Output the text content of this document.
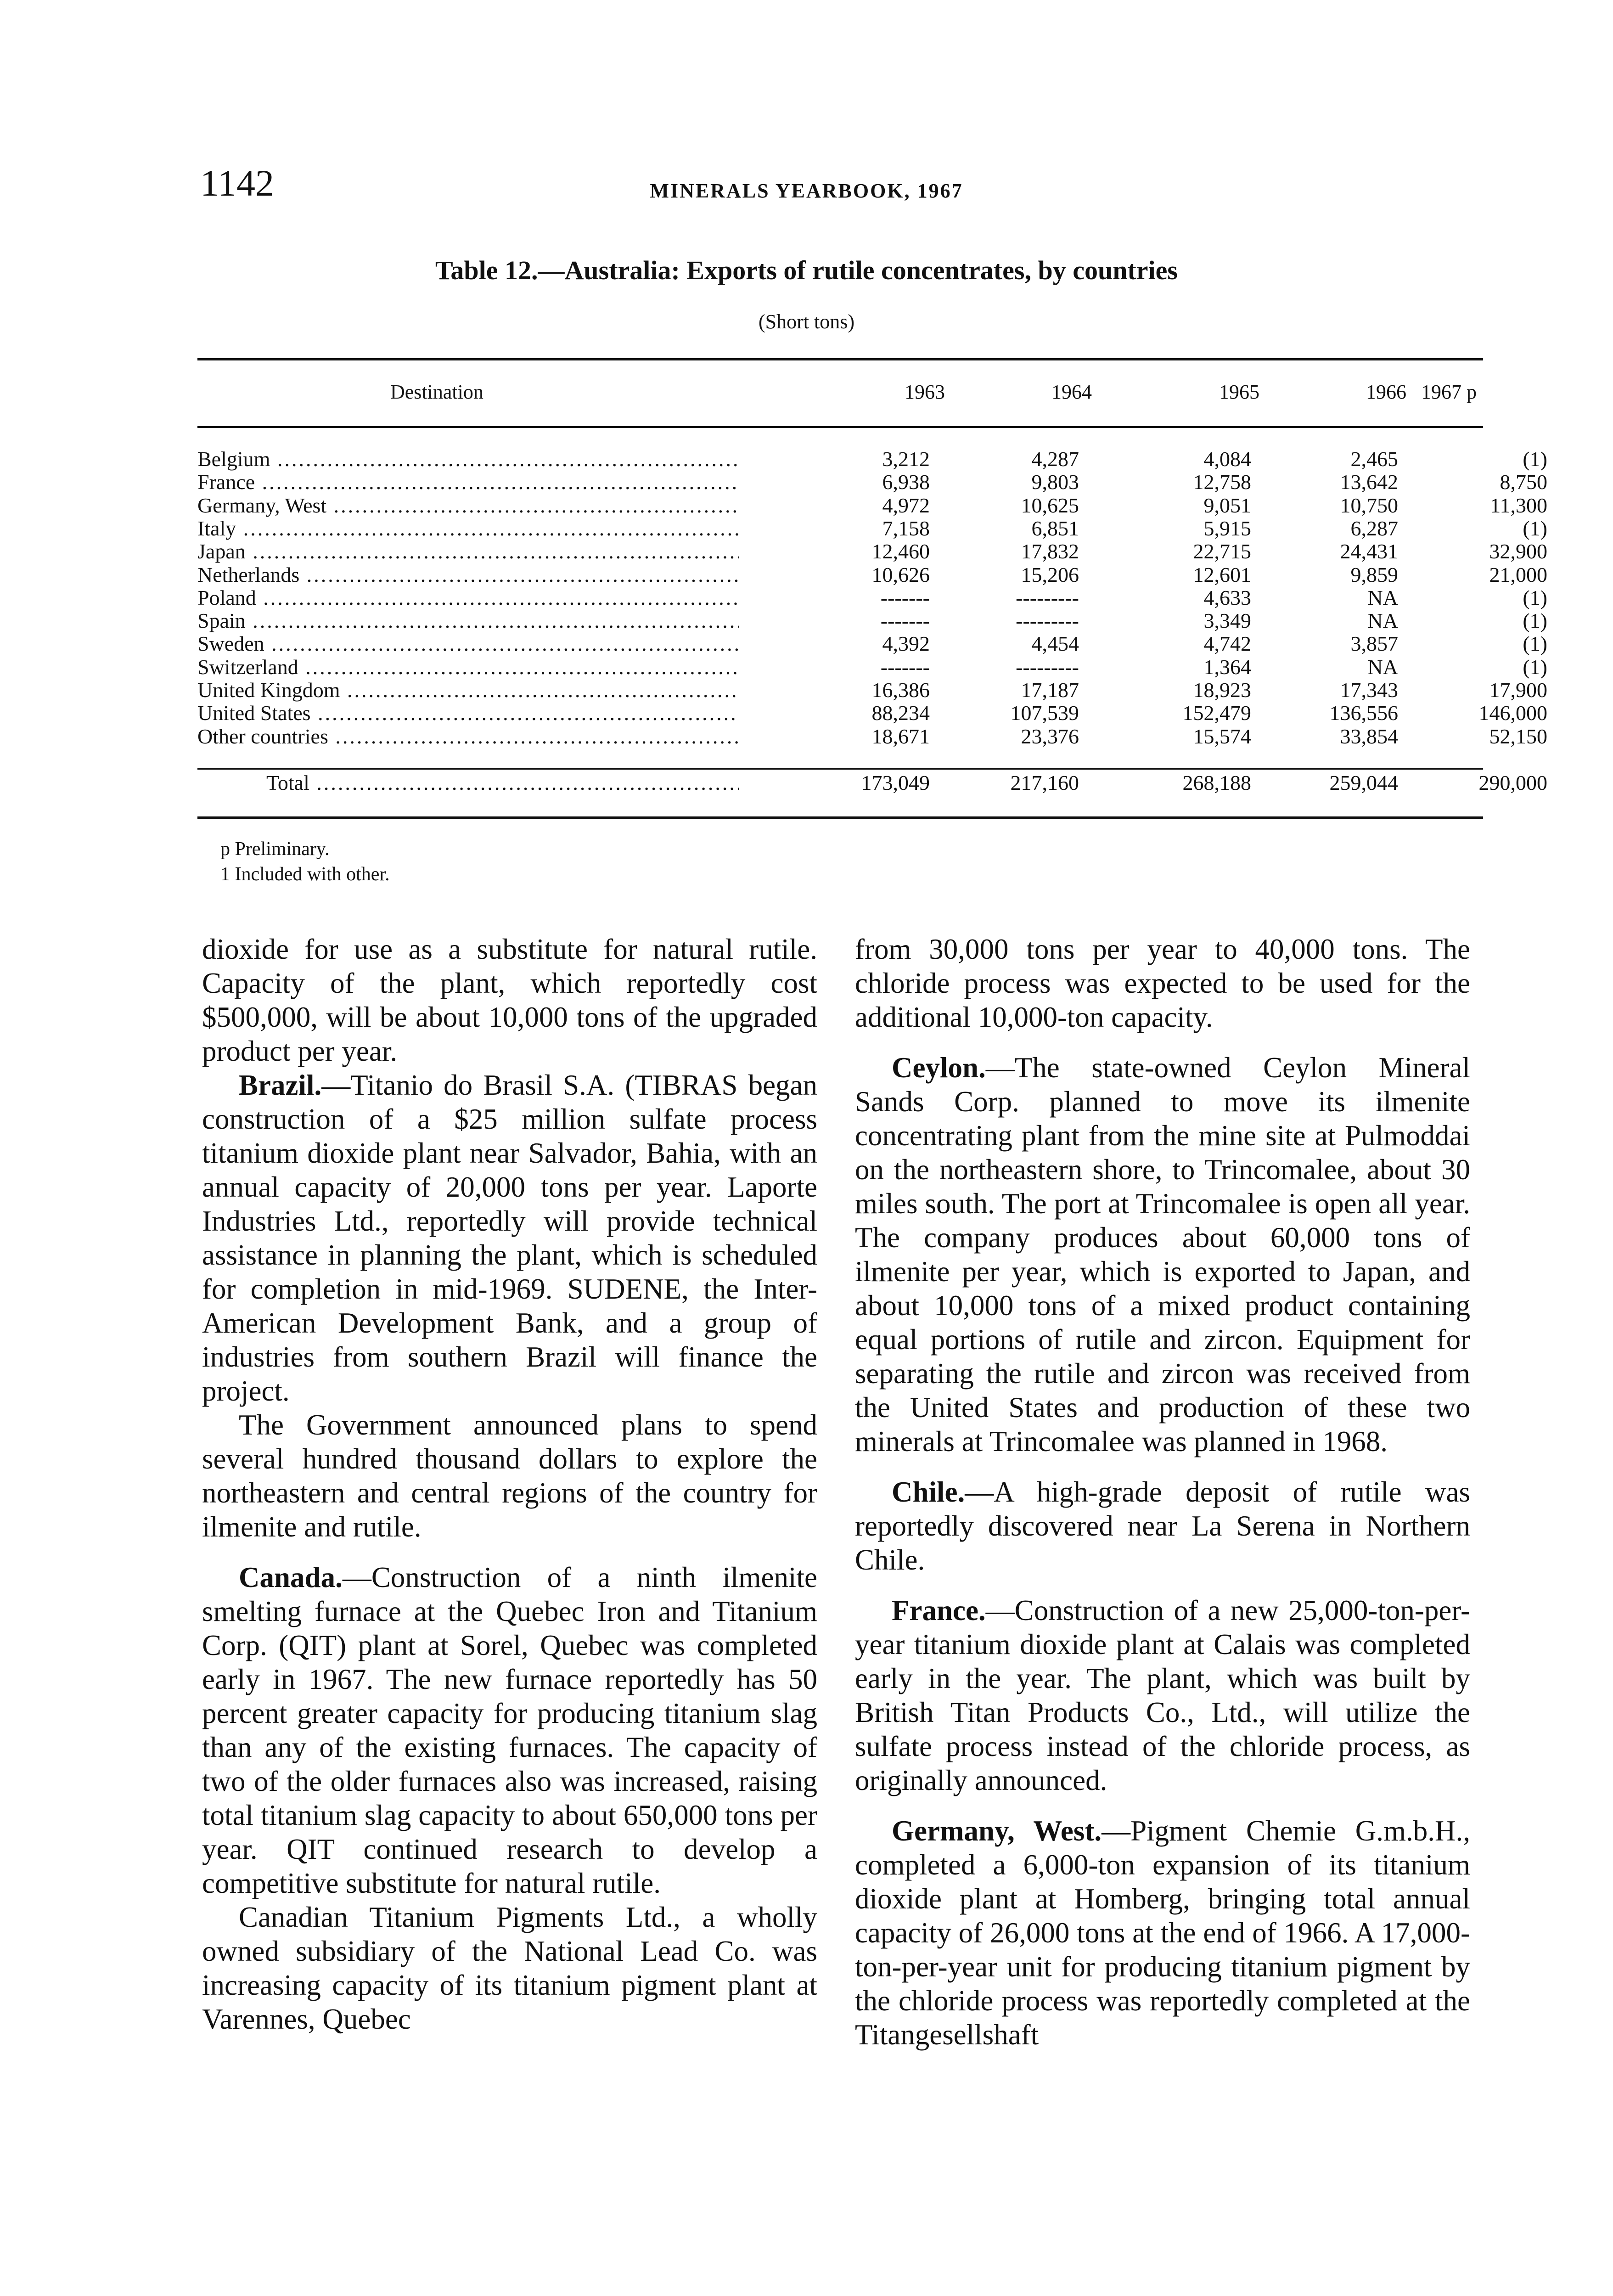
1142	MINERALS YEARBOOK, 1967
Table 12.—Australia: Exports of rutile concentrates, by countries
(Short tons)
Destination	1963	1964	1965	1966 1967 p
Belgium .....	3,212	4,287	4,084	2,465	(1)
France .....	6,938	9,803	12,758	13,642	8,750
Germany, West .....	4,972	10,625	9,051	10,750	11,300
Italy .....	7,158	6,851	5,915	6,287	(1)
Japan .....	12,460	17,832	22,715	24,431	32,900
Netherlands .....	10,626	15,206	12,601	9,859	21,000
Poland .....	-------	---------	4,633	NA	(1)
Spain .....	-------	---------	3,349	NA	(1)
Sweden .....	4,392	4,454	4,742	3,857	(1)
Switzerland .....	-------	---------	1,364	NA	(1)
United Kingdom .....	16,386	17,187	18,923	17,343	17,900
United States .....	88,234	107,539	152,479	136,556	146,000
Other countries .....	18,671	23,376	15,574	33,854	52,150
Total .....	173,049	217,160	268,188	259,044	290,000
p Preliminary.
1 Included with other.

dioxide for use as a substitute for natural rutile. Capacity of the plant, which reportedly cost $500,000, will be about 10,000 tons of the upgraded product per year.

Brazil.—Titanio do Brasil S.A. (TIBRAS began construction of a $25 million sulfate process titanium dioxide plant near Salvador, Bahia, with an annual capacity of 20,000 tons per year. Laporte Industries Ltd., reportedly will provide technical assistance in planning the plant, which is scheduled for completion in mid-1969. SUDENE, the Inter-American Development Bank, and a group of industries from southern Brazil will finance the project.

The Government announced plans to spend several hundred thousand dollars to explore the northeastern and central regions of the country for ilmenite and rutile.

Canada.—Construction of a ninth ilmenite smelting furnace at the Quebec Iron and Titanium Corp. (QIT) plant at Sorel, Quebec was completed early in 1967. The new furnace reportedly has 50 percent greater capacity for producing titanium slag than any of the existing furnaces. The capacity of two of the older furnaces also was increased, raising total titanium slag capacity to about 650,000 tons per year. QIT continued research to develop a competitive substitute for natural rutile.

Canadian Titanium Pigments Ltd., a wholly owned subsidiary of the National Lead Co. was increasing capacity of its titanium pigment plant at Varennes, Quebec

from 30,000 tons per year to 40,000 tons. The chloride process was expected to be used for the additional 10,000-ton capacity.

Ceylon.—The state-owned Ceylon Mineral Sands Corp. planned to move its ilmenite concentrating plant from the mine site at Pulmoddai on the northeastern shore, to Trincomalee, about 30 miles south. The port at Trincomalee is open all year. The company produces about 60,000 tons of ilmenite per year, which is exported to Japan, and about 10,000 tons of a mixed product containing equal portions of rutile and zircon. Equipment for separating the rutile and zircon was received from the United States and production of these two minerals at Trincomalee was planned in 1968.

Chile.—A high-grade deposit of rutile was reportedly discovered near La Serena in Northern Chile.

France.—Construction of a new 25,000-ton-per-year titanium dioxide plant at Calais was completed early in the year. The plant, which was built by British Titan Products Co., Ltd., will utilize the sulfate process instead of the chloride process, as originally announced.

Germany, West.—Pigment Chemie G.m.b.H., completed a 6,000-ton expansion of its titanium dioxide plant at Homberg, bringing total annual capacity of 26,000 tons at the end of 1966. A 17,000-ton-per-year unit for producing titanium pigment by the chloride process was reportedly completed at the Titangesellshaft
